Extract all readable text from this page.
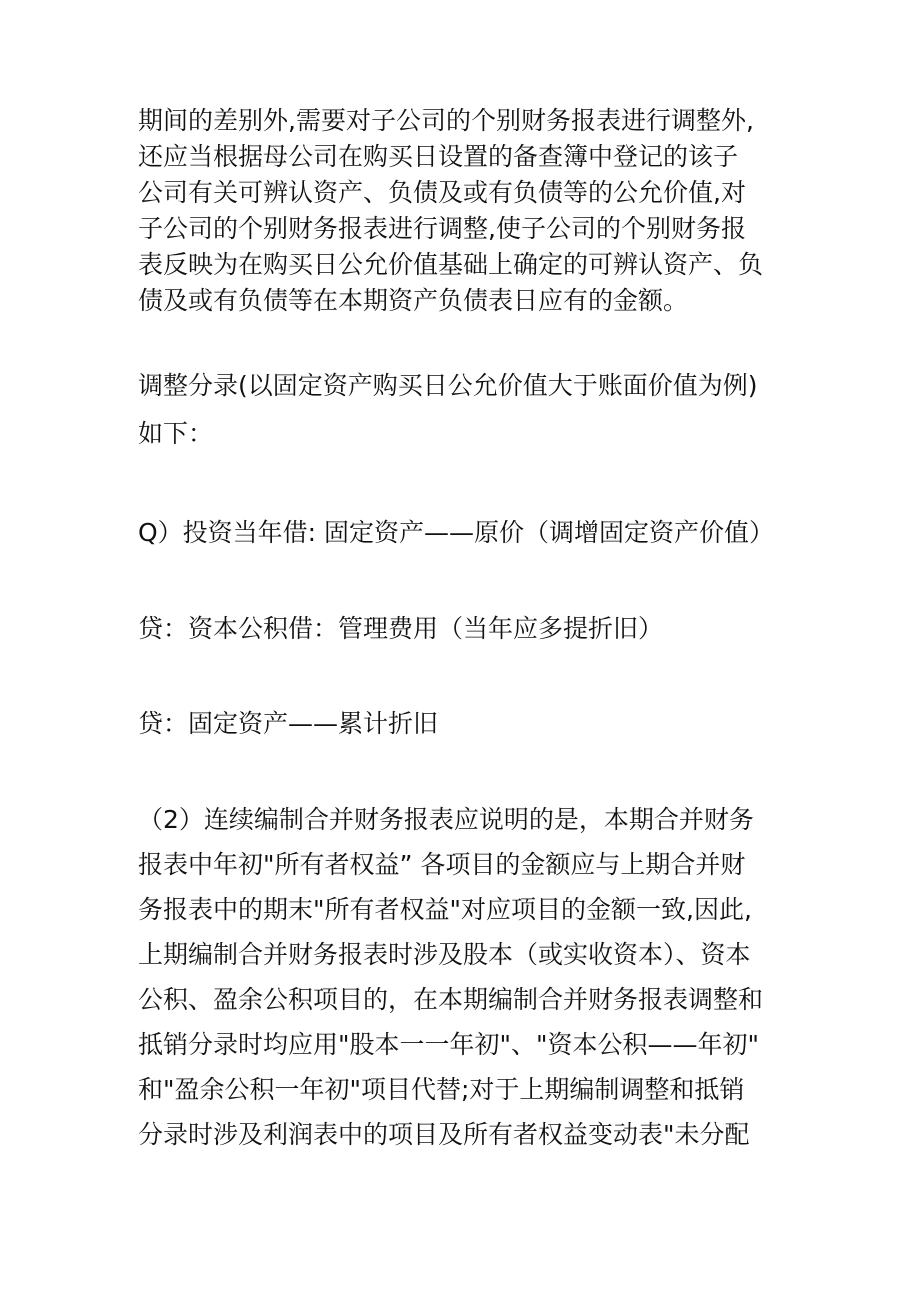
期间的差别外,需要对子公司的个别财务报表进行调整外,
还应当根据母公司在购买日设置的备查簿中登记的该子
公司有关可辨认资产、负债及或有负债等的公允价值,对
子公司的个别财务报表进行调整,使子公司的个别财务报
表反映为在购买日公允价值基础上确定的可辨认资产、负
债及或有负债等在本期资产负债表日应有的金额。
调整分录(以固定资产购买日公允价值大于账面价值为例)
如下：
Q）投资当年借: 固定资产——原价（调增固定资产价值）
贷：资本公积借：管理费用（当年应多提折旧）
贷：固定资产——累计折旧
（2）连续编制合并财务报表应说明的是，本期合并财务
报表中年初"所有者权益” 各项目的金额应与上期合并财
务报表中的期末"所有者权益"对应项目的金额一致,因此,
上期编制合并财务报表时涉及股本（或实收资本）、资本
公积、盈余公积项目的，在本期编制合并财务报表调整和
抵销分录时均应用"股本一一年初"、"资本公积——年初"
和"盈余公积一年初"项目代替;对于上期编制调整和抵销
分录时涉及利润表中的项目及所有者权益变动表"未分配
